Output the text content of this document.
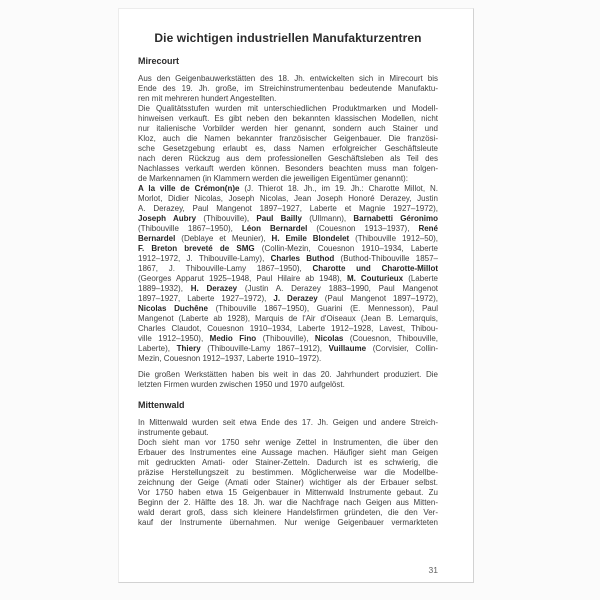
Die wichtigen industriellen Manufakturzentren
Mirecourt
Aus den Geigenbauwerkstätten des 18. Jh. entwickelten sich in Mirecourt bis
Ende des 19. Jh. große, im Streichinstrumentenbau bedeutende Manufaktu-
ren mit mehreren hundert Angestellten.
Die Qualitätsstufen wurden mit unterschiedlichen Produktmarken und Modell-
hinweisen verkauft. Es gibt neben den bekannten klassischen Modellen, nicht
nur italienische Vorbilder werden hier genannt, sondern auch Stainer und
Kloz, auch die Namen bekannter französischer Geigenbauer. Die französi-
sche Gesetzgebung erlaubt es, dass Namen erfolgreicher Geschäftsleute
nach deren Rückzug aus dem professionellen Geschäftsleben als Teil des
Nachlasses verkauft werden können. Besonders beachten muss man folgen-
de Markennamen (in Klammern werden die jeweiligen Eigentümer genannt):
A la ville de Crémon(n)e (J. Thierot 18. Jh., im 19. Jh.: Charotte Millot, N.
Morlot, Didier Nicolas, Joseph Nicolas, Jean Joseph Honoré Derazey, Justin
A. Derazey, Paul Mangenot 1897–1927, Laberte et Magnie 1927–1972),
Joseph Aubry (Thibouville), Paul Bailly (Ullmann), Barnabetti Géronimo
(Thibouville 1867–1950), Léon Bernardel (Couesnon 1913–1937), René
Bernardel (Deblaye et Meunier), H. Emile Blondelet (Thibouville 1912–50),
F. Breton breveté de SMG (Collin-Mezin, Couesnon 1910–1934, Laberte
1912–1972, J. Thibouville-Lamy), Charles Buthod (Buthod-Thibouville 1857–
1867, J. Thibouville-Lamy 1867–1950), Charotte und Charotte-Millot
(Georges Apparut 1925–1948, Paul Hilaire ab 1948), M. Couturieux (Laberte
1889–1932), H. Derazey (Justin A. Derazey 1883–1990, Paul Mangenot
1897–1927, Laberte 1927–1972), J. Derazey (Paul Mangenot 1897–1972),
Nicolas Duchêne (Thibouville 1867–1950), Guarini (E. Mennesson), Paul
Mangenot (Laberte ab 1928), Marquis de l'Air d'Oiseaux (Jean B. Lemarquis,
Charles Claudot, Couesnon 1910–1934, Laberte 1912–1928, Lavest, Thibou-
ville 1912–1950), Medio Fino (Thibouville), Nicolas (Couesnon, Thibouville,
Laberte), Thiery (Thibouville-Lamy 1867–1912), Vuillaume (Corvisier, Collin-
Mezin, Couesnon 1912–1937, Laberte 1910–1972).
Die großen Werkstätten haben bis weit in das 20. Jahrhundert produziert. Die
letzten Firmen wurden zwischen 1950 und 1970 aufgelöst.
Mittenwald
In Mittenwald wurden seit etwa Ende des 17. Jh. Geigen und andere Streich-
instrumente gebaut.
Doch sieht man vor 1750 sehr wenige Zettel in Instrumenten, die über den
Erbauer des Instrumentes eine Aussage machen. Häufiger sieht man Geigen
mit gedruckten Amati- oder Stainer-Zetteln. Dadurch ist es schwierig, die
präzise Herstellungszeit zu bestimmen. Möglicherweise war die Modellbe-
zeichnung der Geige (Amati oder Stainer) wichtiger als der Erbauer selbst.
Vor 1750 haben etwa 15 Geigenbauer in Mittenwald Instrumente gebaut. Zu
Beginn der 2. Hälfte des 18. Jh. war die Nachfrage nach Geigen aus Mitten-
wald derart groß, dass sich kleinere Handelsfirmen gründeten, die den Ver-
kauf der Instrumente übernahmen. Nur wenige Geigenbauer vermarkteten
31
